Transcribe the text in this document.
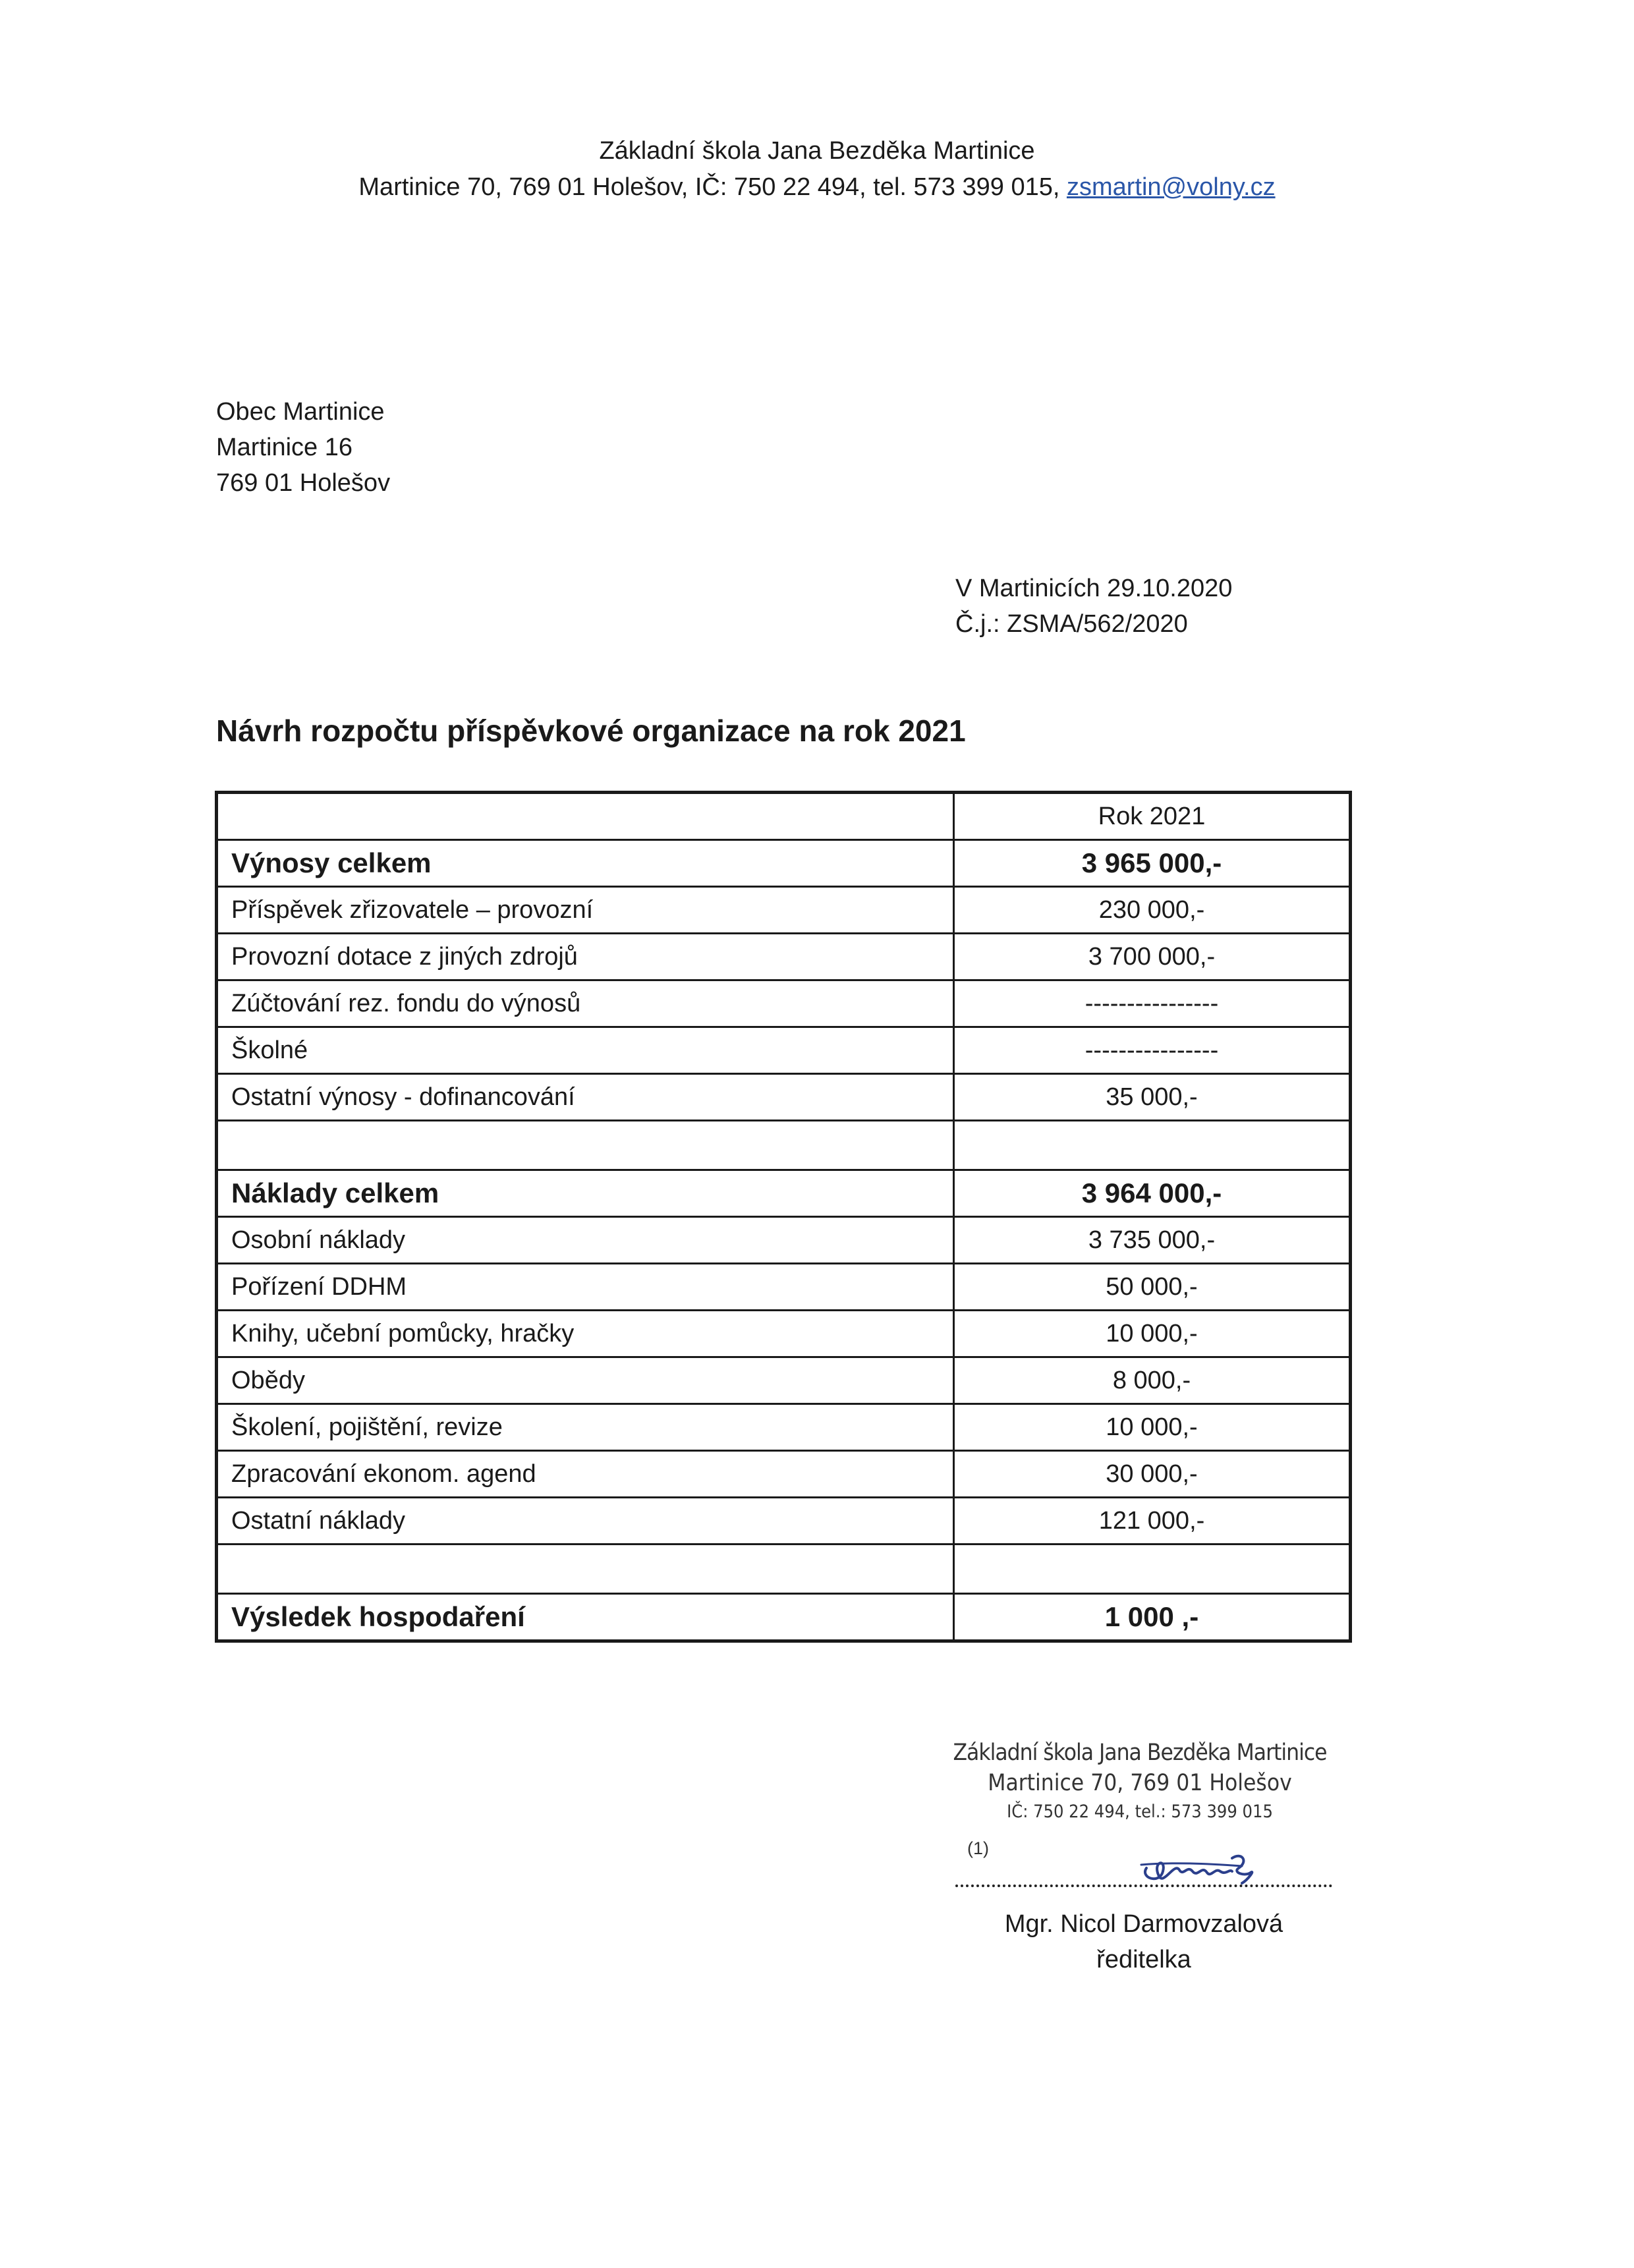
Základní škola Jana Bezděka Martinice
Martinice 70, 769 01 Holešov, IČ: 750 22 494, tel. 573 399 015, zsmartin@volny.cz
Obec Martinice
Martinice 16
769 01 Holešov
V Martinicích 29.10.2020
Č.j.: ZSMA/562/2020
Návrh rozpočtu příspěvkové organizace na rok 2021
	Rok 2021
Výnosy celkem	3 965 000,-
Příspěvek zřizovatele – provozní	230 000,-
Provozní dotace z jiných zdrojů	3 700 000,-
Zúčtování rez. fondu do výnosů	----------------
Školné	----------------
Ostatní výnosy - dofinancování	35 000,-

Náklady celkem	3 964 000,-
Osobní náklady	3 735 000,-
Pořízení DDHM	50 000,-
Knihy, učební pomůcky, hračky	10 000,-
Obědy	8 000,-
Školení, pojištění, revize	10 000,-
Zpracování ekonom. agend	30 000,-
Ostatní náklady	121 000,-

Výsledek hospodaření	1 000 ,-
Základní škola Jana Bezděka Martinice
Martinice 70, 769 01 Holešov
IČ: 750 22 494, tel.: 573 399 015
(1)
Mgr. Nicol Darmovzalová
ředitelka
